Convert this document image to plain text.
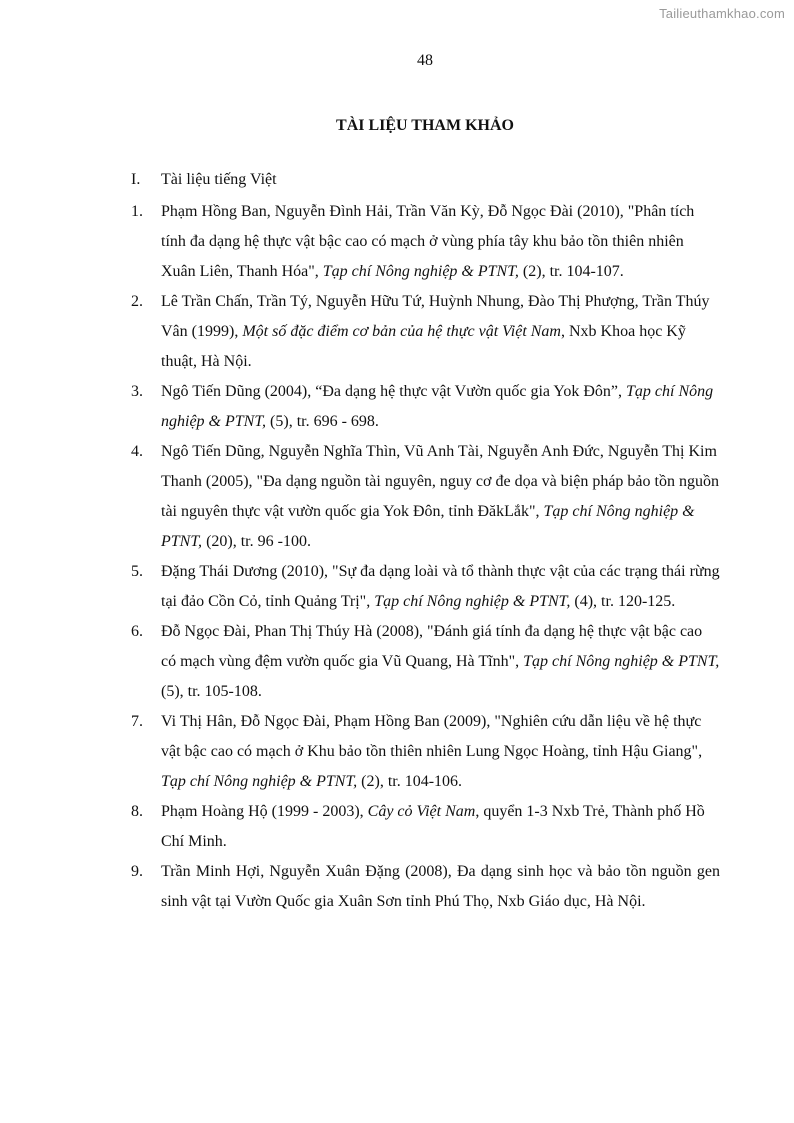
Tailieuthamkhao.com
48
TÀI LIỆU THAM KHẢO
I. Tài liệu tiếng Việt
1. Phạm Hồng Ban, Nguyễn Đình Hải, Trần Văn Kỳ, Đỗ Ngọc Đài (2010), "Phân tích tính đa dạng hệ thực vật bậc cao có mạch ở vùng phía tây khu bảo tồn thiên nhiên Xuân Liên, Thanh Hóa", Tạp chí Nông nghiệp & PTNT, (2), tr. 104-107.
2. Lê Trần Chấn, Trần Tý, Nguyễn Hữu Tứ, Huỳnh Nhung, Đào Thị Phượng, Trần Thúy Vân (1999), Một số đặc điểm cơ bản của hệ thực vật Việt Nam, Nxb Khoa học Kỹ thuật, Hà Nội.
3. Ngô Tiến Dũng (2004), “Đa dạng hệ thực vật Vườn quốc gia Yok Đôn”, Tạp chí Nông nghiệp & PTNT, (5), tr. 696 - 698.
4. Ngô Tiến Dũng, Nguyễn Nghĩa Thìn, Vũ Anh Tài, Nguyễn Anh Đức, Nguyễn Thị Kim Thanh (2005), "Đa dạng nguồn tài nguyên, nguy cơ đe dọa và biện pháp bảo tồn nguồn tài nguyên thực vật vườn quốc gia Yok Đôn, tỉnh ĐăkLắk", Tạp chí Nông nghiệp & PTNT, (20), tr. 96 -100.
5. Đặng Thái Dương (2010), "Sự đa dạng loài và tổ thành thực vật của các trạng thái rừng tại đảo Cồn Cỏ, tỉnh Quảng Trị", Tạp chí Nông nghiệp & PTNT, (4), tr. 120-125.
6. Đỗ Ngọc Đài, Phan Thị Thúy Hà (2008), "Đánh giá tính đa dạng hệ thực vật bậc cao có mạch vùng đệm vườn quốc gia Vũ Quang, Hà Tĩnh", Tạp chí Nông nghiệp & PTNT, (5), tr. 105-108.
7. Vi Thị Hân, Đỗ Ngọc Đài, Phạm Hồng Ban (2009), "Nghiên cứu dẫn liệu về hệ thực vật bậc cao có mạch ở Khu bảo tồn thiên nhiên Lung Ngọc Hoàng, tỉnh Hậu Giang", Tạp chí Nông nghiệp & PTNT, (2), tr. 104-106.
8. Phạm Hoàng Hộ (1999 - 2003), Cây cỏ Việt Nam, quyển 1-3 Nxb Trẻ, Thành phố Hồ Chí Minh.
9. Trần Minh Hợi, Nguyễn Xuân Đặng (2008), Đa dạng sinh học và bảo tồn nguồn gen sinh vật tại Vườn Quốc gia Xuân Sơn tỉnh Phú Thọ, Nxb Giáo dục, Hà Nội.
